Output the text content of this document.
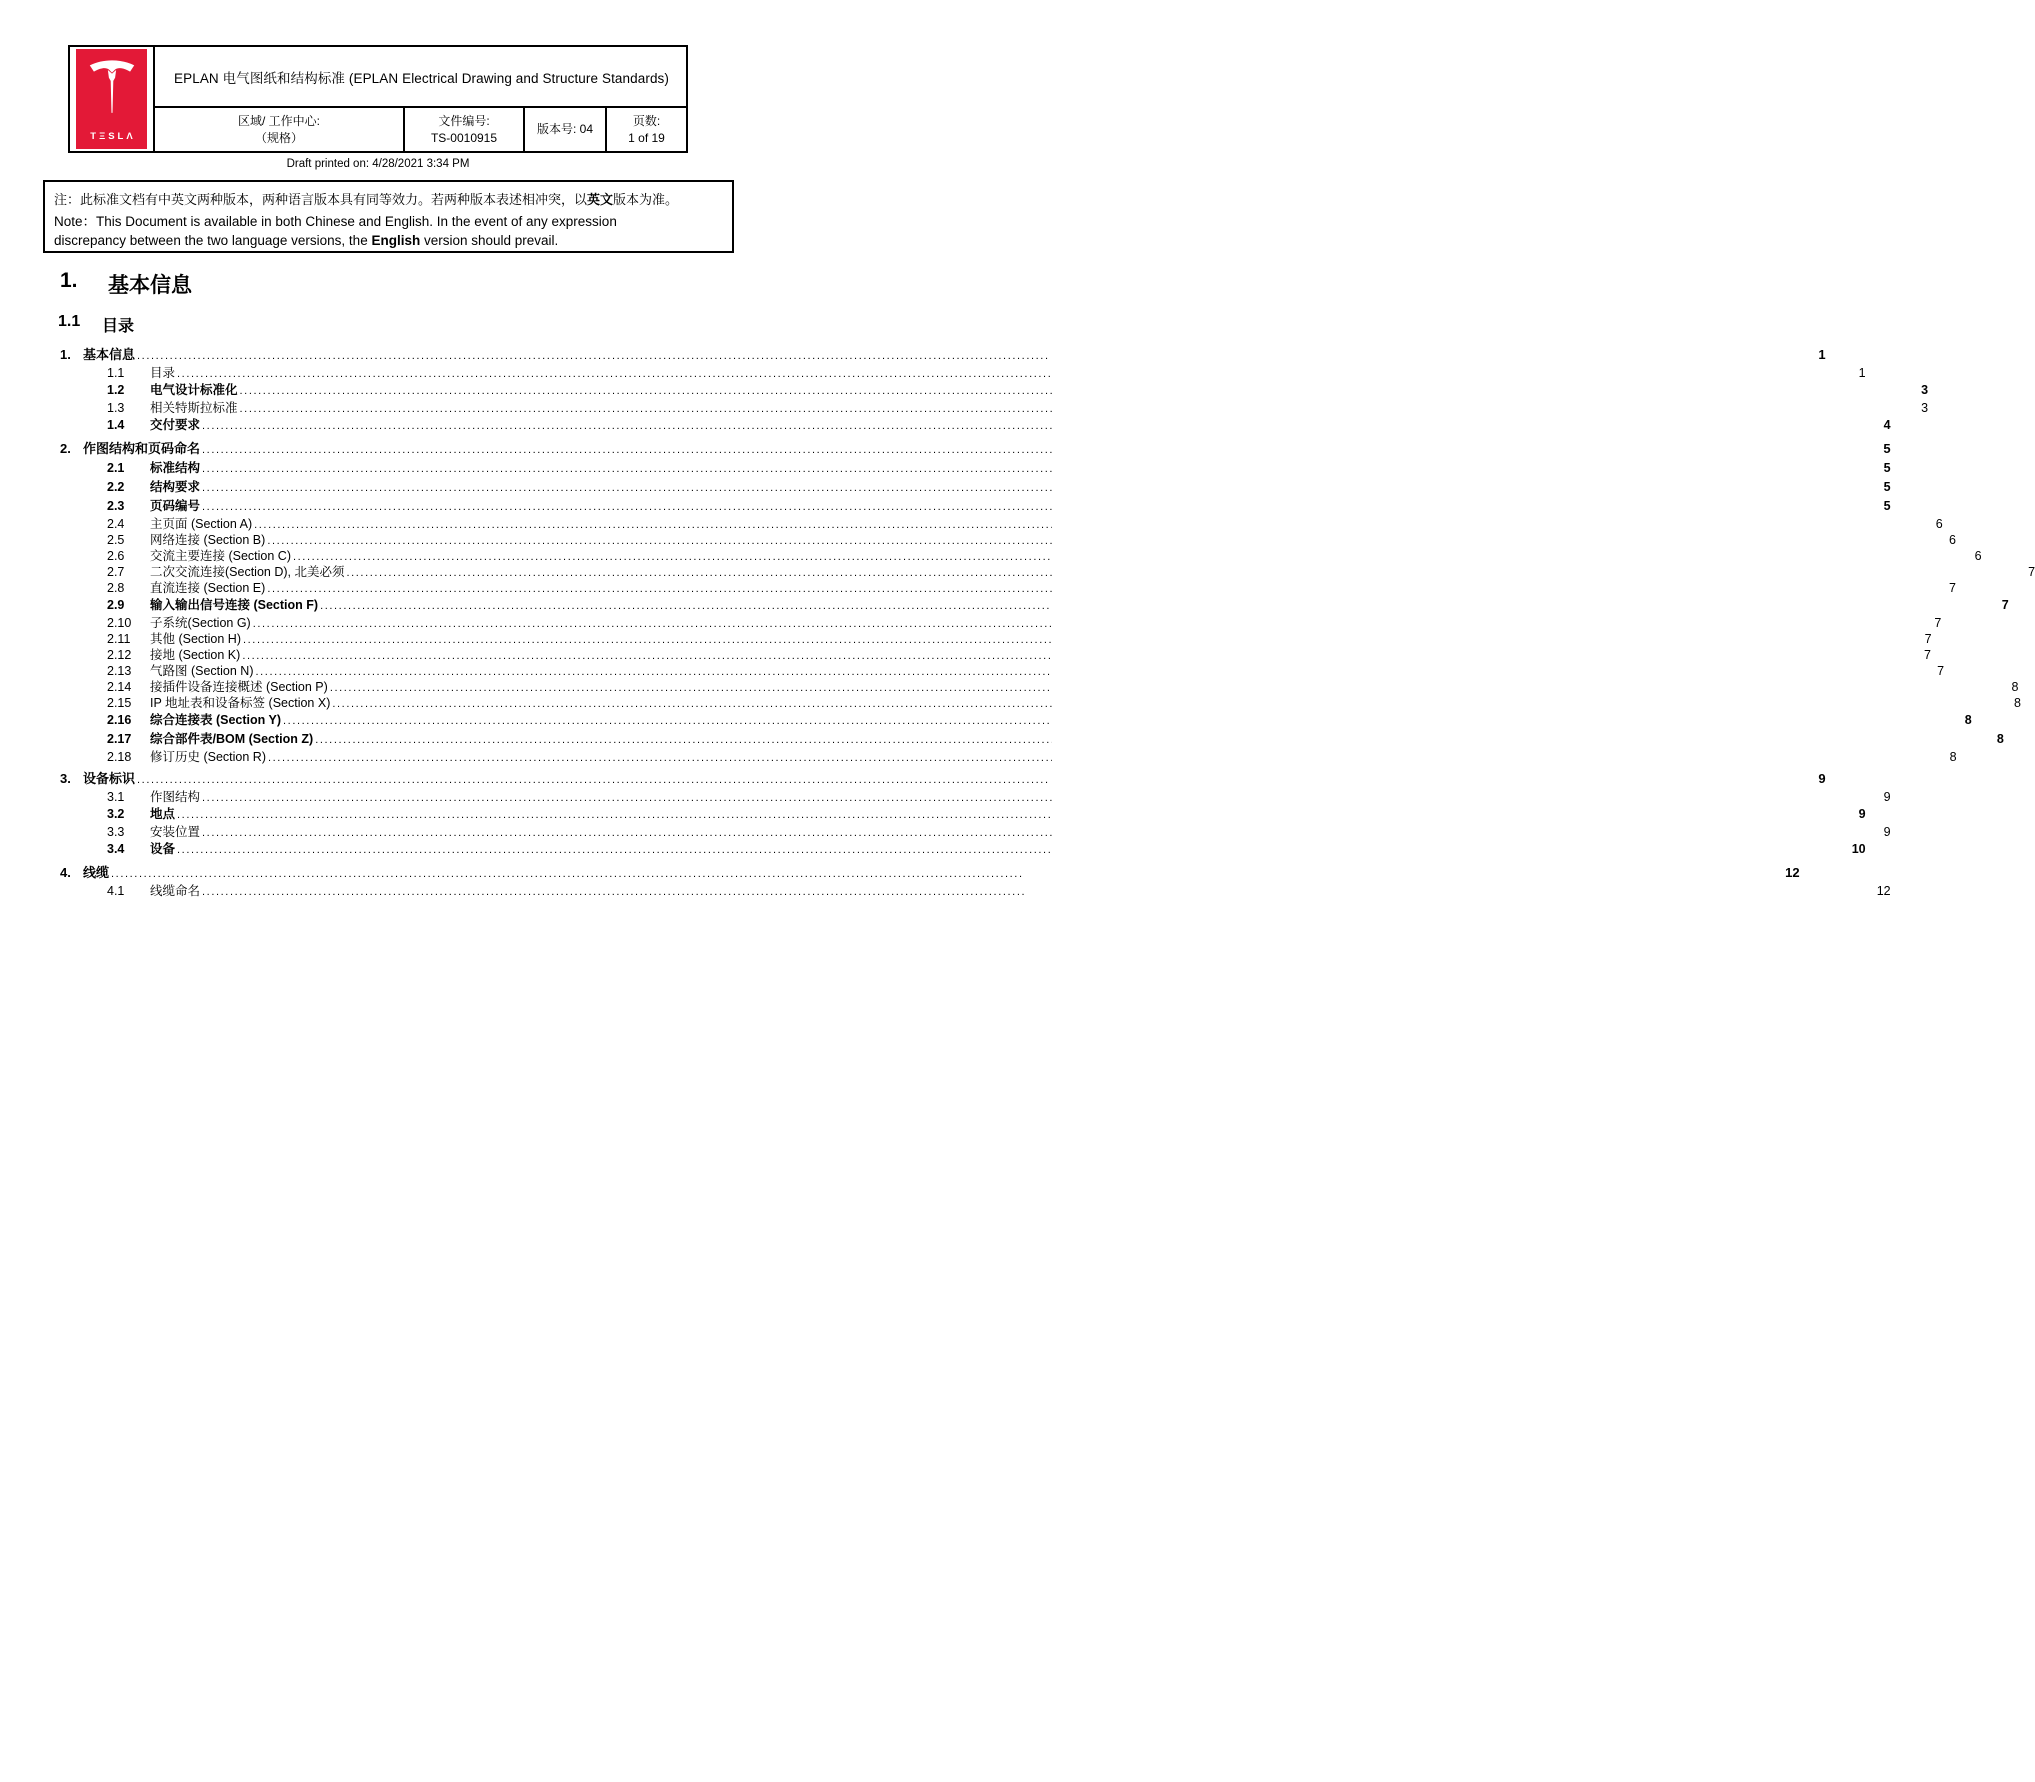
TΞSLΛ
EPLAN 电气图纸和结构标准 (EPLAN Electrical Drawing and Structure Standards)
区域/ 工作中心:
（规格）
文件编号:
TS-0010915
版本号: 04
页数:
1 of 19
Draft printed on: 4/28/2021 3:34 PM

注：此标准文档有中英文两种版本，两种语言版本具有同等效力。若两种版本表述相冲突，以英文版本为准。

Note：This Document is available in both Chinese and English. In the event of any expression discrepancy between the two language versions, the English version should prevail.

1.	基本信息
1.1	目录
1. 基本信息 .....	1
1.1	目录 .....	1
1.2	电气设计标准化 .....	3
1.3	相关特斯拉标准 .....	3
1.4	交付要求 .....	4
2. 作图结构和页码命名 .....	5
2.1	标准结构 .....	5
2.2	结构要求 .....	5
2.3	页码编号 .....	5
2.4	主页面 (Section A) .....	6
2.5	网络连接 (Section B) .....	6
2.6	交流主要连接 (Section C) .....	6
2.7	二次交流连接(Section D), 北美必须 .....	7
2.8	直流连接 (Section E) .....	7
2.9	输入输出信号连接 (Section F) .....	7
2.10	子系统(Section G) .....	7
2.11	其他 (Section H) .....	7
2.12	接地 (Section K) .....	7
2.13	气路图 (Section N) .....	7
2.14	接插件设备连接概述 (Section P) .....	8
2.15	IP 地址表和设备标签 (Section X) .....	8
2.16	综合连接表 (Section Y) .....	8
2.17	综合部件表/BOM (Section Z) .....	8
2.18	修订历史 (Section R) .....	8
3. 设备标识 .....	9
3.1	作图结构 .....	9
3.2	地点 .....	9
3.3	安装位置 .....	9
3.4	设备 .....	10
4. 线缆 .....	12
4.1	线缆命名 .....	12
